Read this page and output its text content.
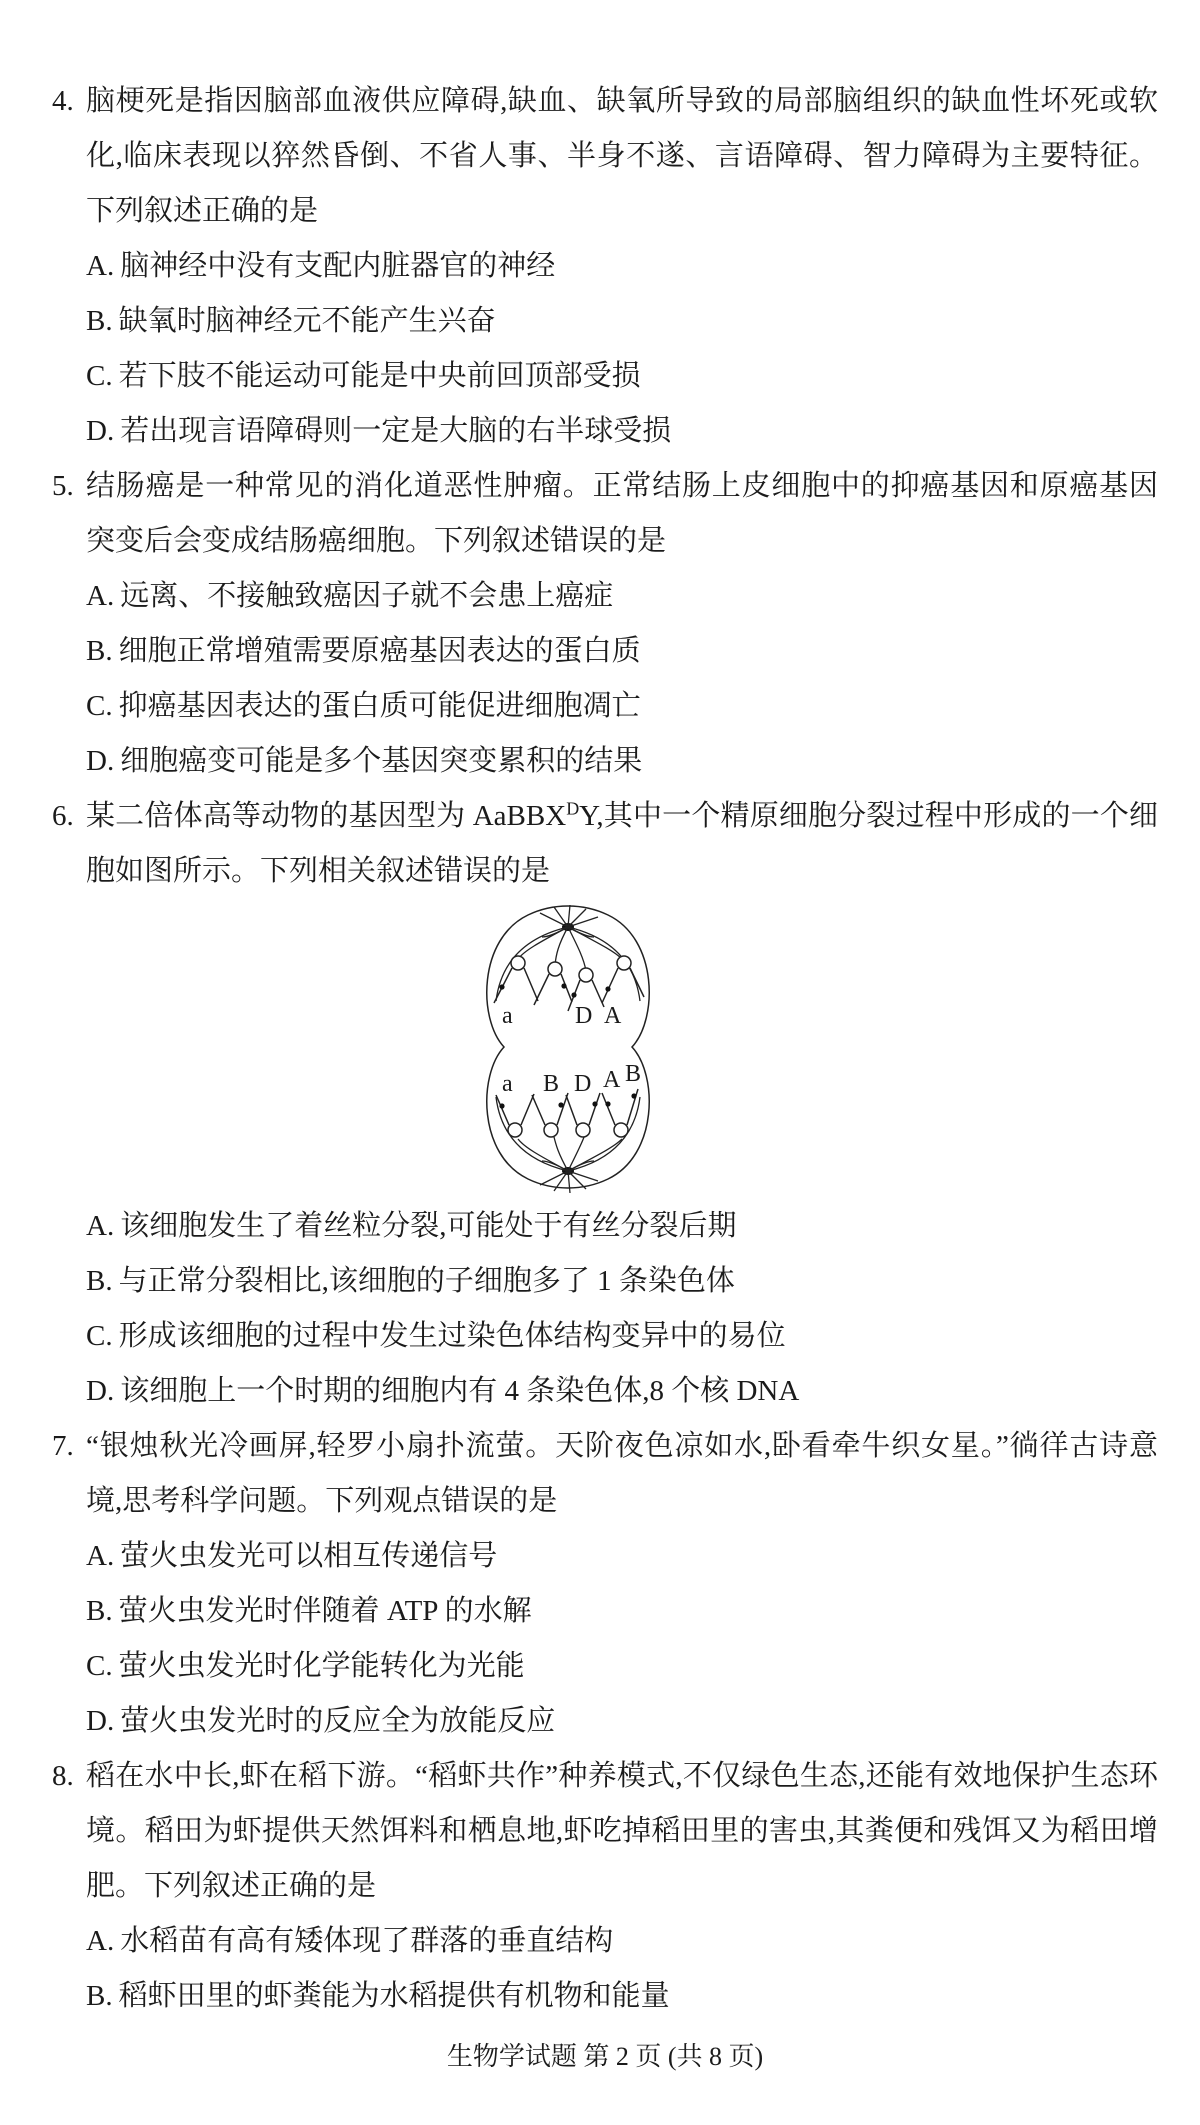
4. 脑梗死是指因脑部血液供应障碍,缺血、缺氧所导致的局部脑组织的缺血性坏死或软化,临床表现以猝然昏倒、不省人事、半身不遂、言语障碍、智力障碍为主要特征。下列叙述正确的是
A. 脑神经中没有支配内脏器官的神经
B. 缺氧时脑神经元不能产生兴奋
C. 若下肢不能运动可能是中央前回顶部受损
D. 若出现言语障碍则一定是大脑的右半球受损
5. 结肠癌是一种常见的消化道恶性肿瘤。正常结肠上皮细胞中的抑癌基因和原癌基因突变后会变成结肠癌细胞。下列叙述错误的是
A. 远离、不接触致癌因子就不会患上癌症
B. 细胞正常增殖需要原癌基因表达的蛋白质
C. 抑癌基因表达的蛋白质可能促进细胞凋亡
D. 细胞癌变可能是多个基因突变累积的结果
6. 某二倍体高等动物的基因型为 AaBBX$^D$Y,其中一个精原细胞分裂过程中形成的一个细胞如图所示。下列相关叙述错误的是
a	D A
a B D A B
A. 该细胞发生了着丝粒分裂,可能处于有丝分裂后期
B. 与正常分裂相比,该细胞的子细胞多了 1 条染色体
C. 形成该细胞的过程中发生过染色体结构变异中的易位
D. 该细胞上一个时期的细胞内有 4 条染色体,8 个核 DNA
7. “银烛秋光冷画屏,轻罗小扇扑流萤。天阶夜色凉如水,卧看牵牛织女星。”徜徉古诗意境,思考科学问题。下列观点错误的是
A. 萤火虫发光可以相互传递信号
B. 萤火虫发光时伴随着 ATP 的水解
C. 萤火虫发光时化学能转化为光能
D. 萤火虫发光时的反应全为放能反应
8. 稻在水中长,虾在稻下游。“稻虾共作”种养模式,不仅绿色生态,还能有效地保护生态环境。稻田为虾提供天然饵料和栖息地,虾吃掉稻田里的害虫,其粪便和残饵又为稻田增肥。下列叙述正确的是
A. 水稻苗有高有矮体现了群落的垂直结构
B. 稻虾田里的虾粪能为水稻提供有机物和能量
生物学试题 第 2 页 (共 8 页)
